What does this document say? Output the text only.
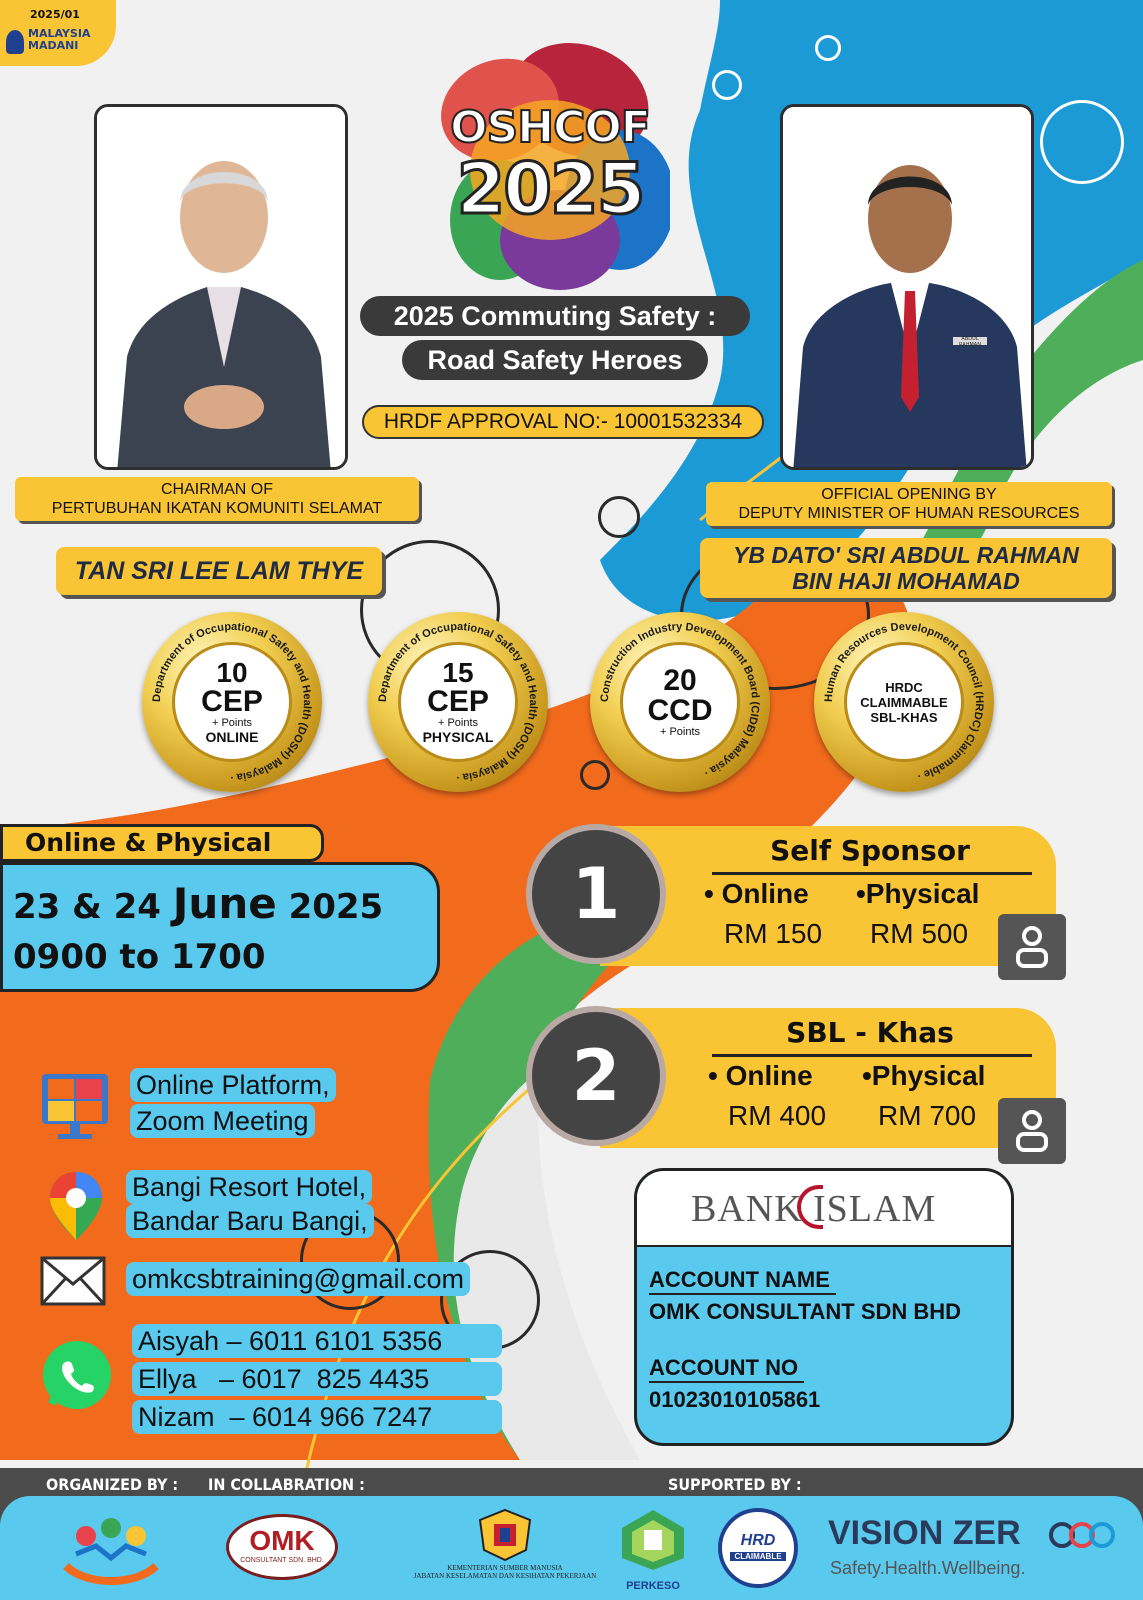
2025/01
MALAYSIA
MADANI
OSHCOF
2025
2025 Commuting Safety :
Road Safety Heroes
HRDF APPROVAL NO:- 10001532334
CHAIRMAN OF
PERTUBUHAN IKATAN KOMUNITI SELAMAT
TAN SRI LEE LAM THYE
ABDUL RAHMAN
OFFICIAL OPENING BY
DEPUTY MINISTER OF HUMAN RESOURCES
YB DATO' SRI ABDUL RAHMAN
BIN HAJI MOHAMAD
Department of Occupational Safety and Health (DOSH) Malaysia ·
10
CEP
+ Points
ONLINE
Department of Occupational Safety and Health (DOSH) Malaysia ·
15
CEP
+ Points
PHYSICAL
Construction Industry Development Board (CIDB) Malaysia ·
20
CCD
+ Points
Human Resources Development Council (HRDC) Claimmable ·
HRDC
CLAIMMABLE
SBL-KHAS
Online & Physical
23 & 24 June 2025
0900 to 1700
Self Sponsor
• Online •Physical
RM 150 RM 500
1
SBL - Khas
• Online •Physical
RM 400 RM 700
2
Online Platform,
Zoom Meeting
Bangi Resort Hotel,
Bandar Baru Bangi,
omkcsbtraining@gmail.com
Aisyah – 6011 6101 5356
Ellya   – 6017  825 4435
Nizam  – 6014 966 7247
BANK ISLAM
ACCOUNT NAME
OMK CONSULTANT SDN BHD
ACCOUNT NO
01023010105861
ORGANIZED BY : IN COLLABRATION :	SUPPORTED BY :
OMK
CONSULTANT SDN. BHD.
KEMENTERIAN SUMBER MANUSIA
JABATAN KESELAMATAN DAN KESIHATAN PEKERJAAN
PERKESO
HRD
CLAIMABLE
VISION ZER
Safety.Health.Wellbeing.
